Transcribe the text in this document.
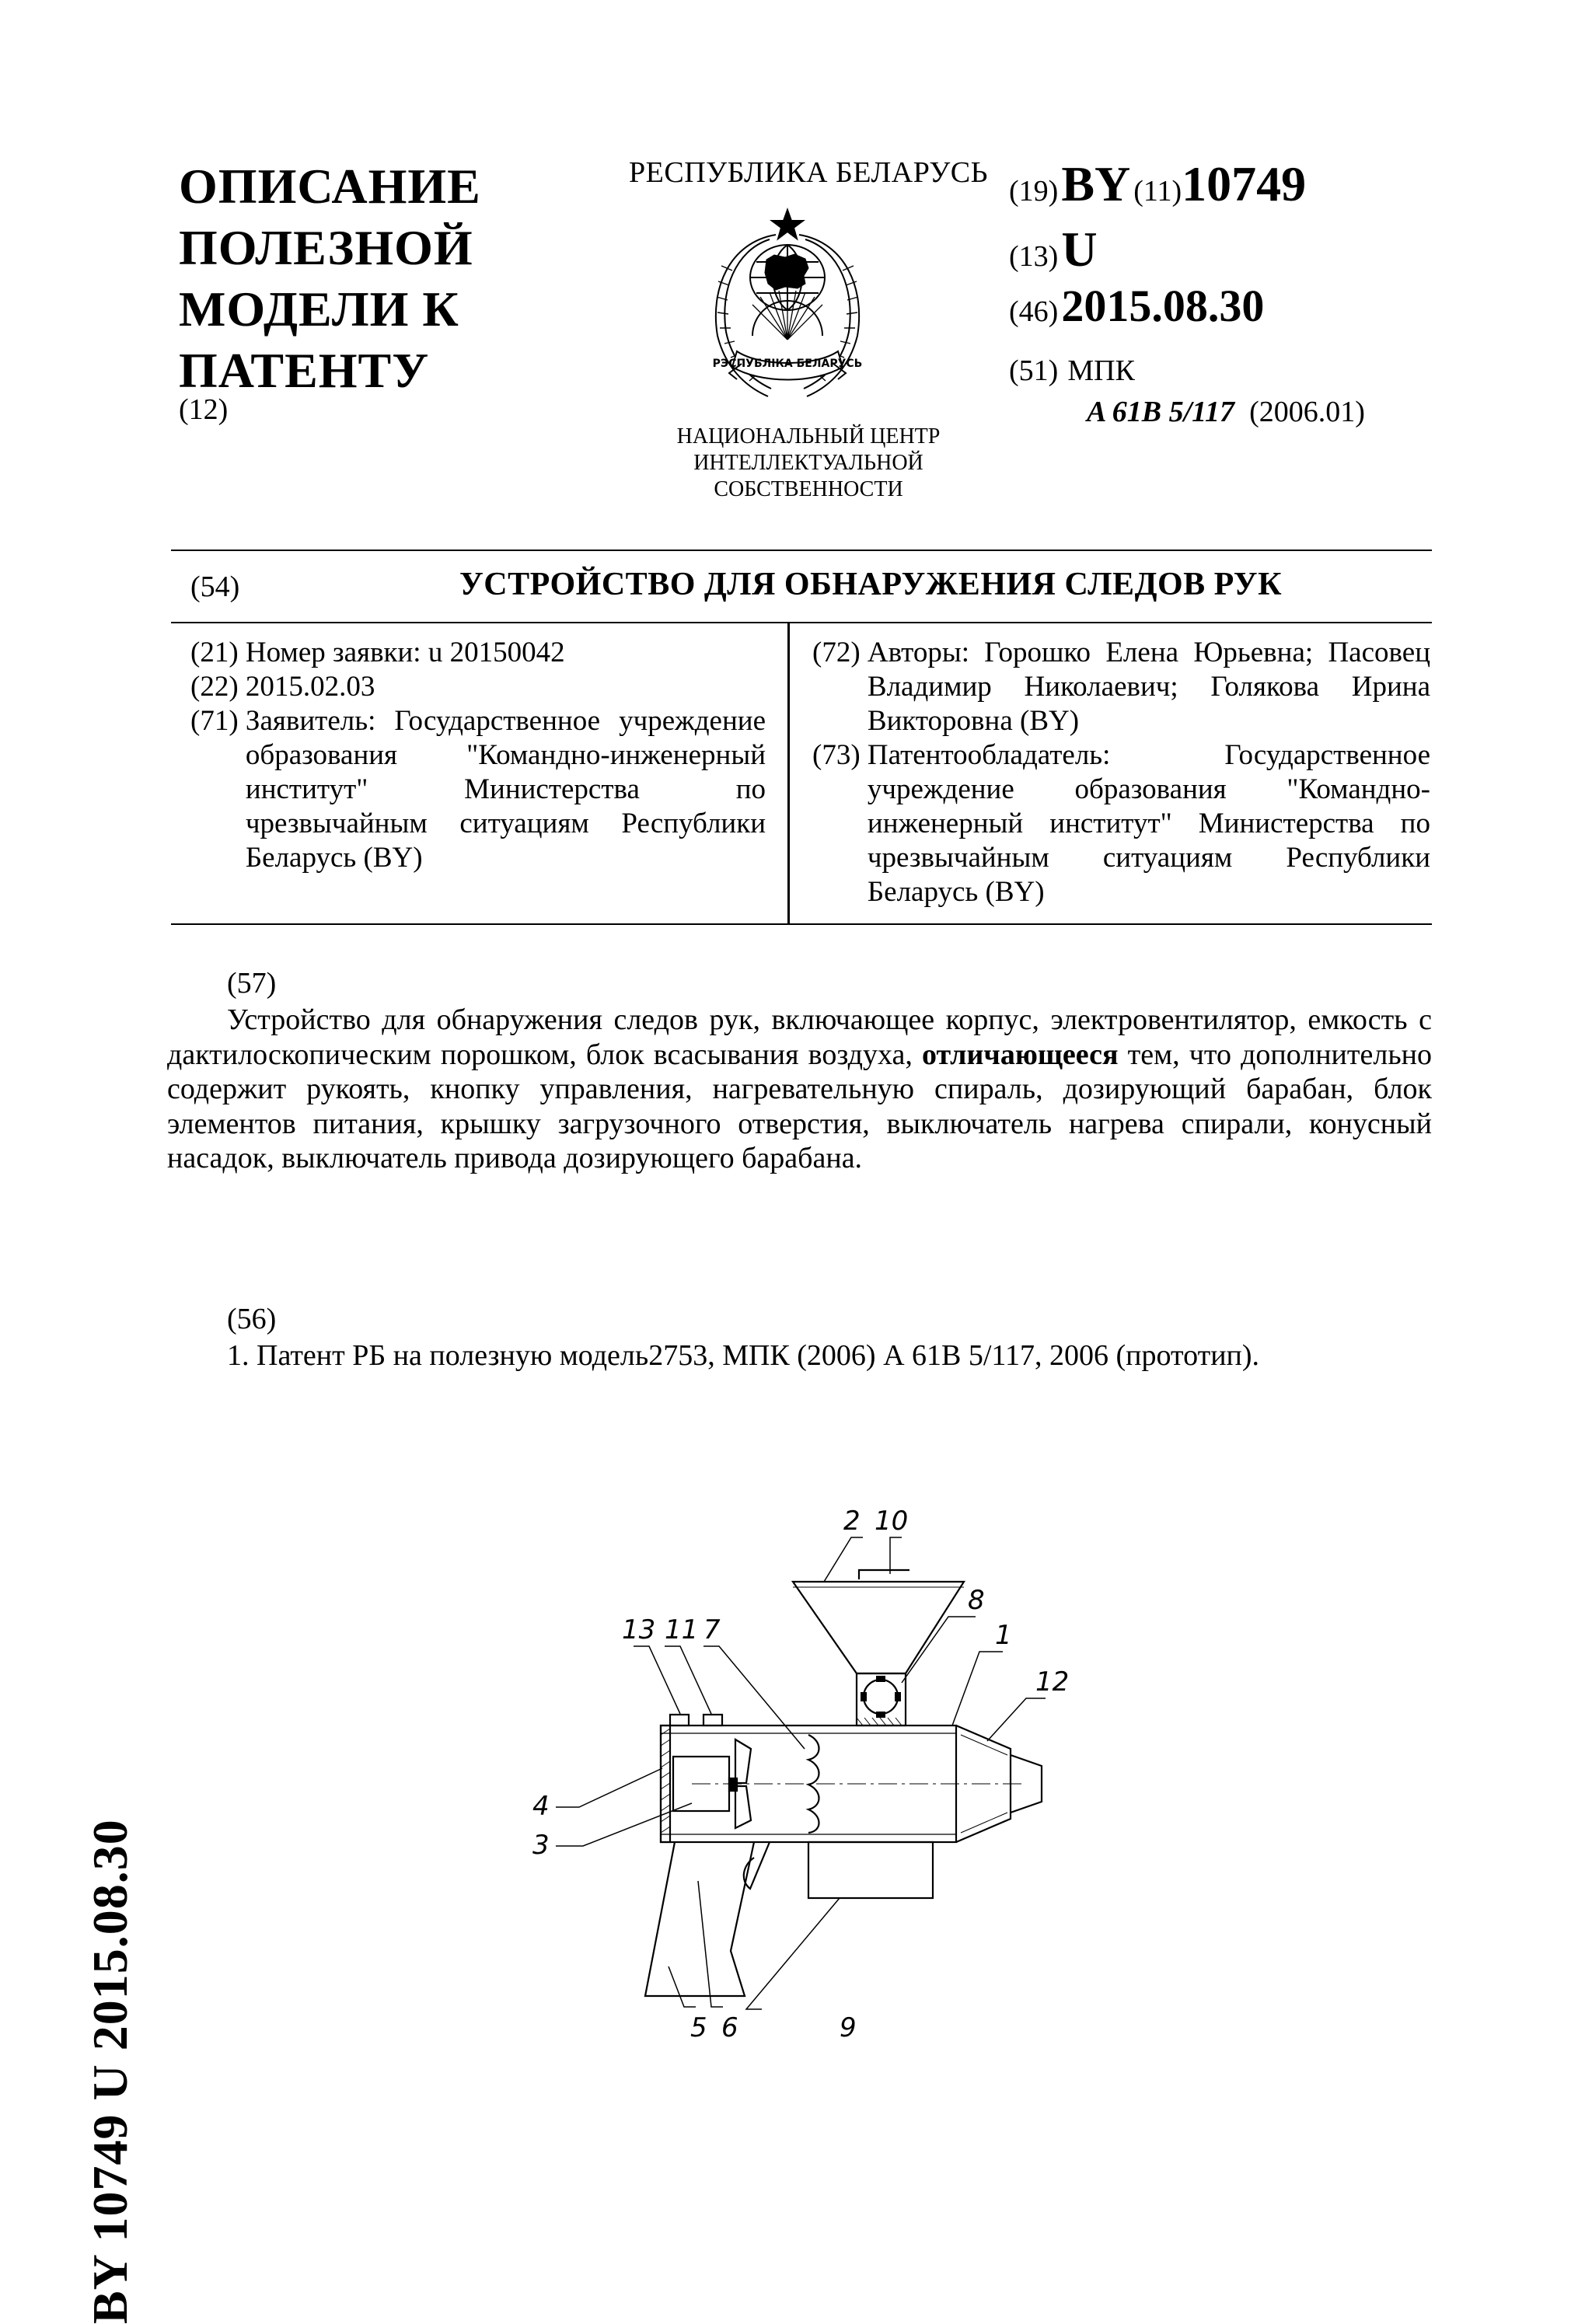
ОПИСАНИЕ
ПОЛЕЗНОЙ
МОДЕЛИ К
ПАТЕНТУ
(12)
РЕСПУБЛИКА БЕЛАРУСЬ
РЭСПУБЛІКА БЕЛАРУСЬ
НАЦИОНАЛЬНЫЙ ЦЕНТР
ИНТЕЛЛЕКТУАЛЬНОЙ
СОБСТВЕННОСТИ
(19) BY (11)10749
(13) U
(46) 2015.08.30
(51) МПК
A 61B 5/117 (2006.01)
(54)	УСТРОЙСТВО ДЛЯ ОБНАРУЖЕНИЯ СЛЕДОВ РУК
(21)
Номер заявки: u 20150042
(22)
2015.02.03
(71)
Заявитель: Государственное учреждение образования "Командно-инженерный институт" Министерства по чрезвычайным ситуациям Республики Беларусь (BY)
(72)
Авторы: Горошко Елена Юрьевна; Пасовец Владимир Николаевич; Голякова Ирина Викторовна (BY)
(73)
Патентообладатель: Государственное учреждение образования "Командно-инженерный институт" Министерства по чрезвычайным ситуациям Республики Беларусь (BY)
(57)
Устройство для обнаружения следов рук, включающее корпус, электровентилятор, емкость с дактилоскопическим порошком, блок всасывания воздуха, отличающееся тем, что дополнительно содержит рукоять, кнопку управления, нагревательную спираль, дозирующий барабан, блок элементов питания, крышку загрузочного отверстия, выключатель нагрева спирали, конусный насадок, выключатель привода дозирующего барабана.
(56)
1. Патент РБ на полезную модель2753, МПК (2006) А 61В 5/117, 2006 (прототип).
BY 10749 U 2015.08.30
2 10
8
1
12
13 11 7
4
3
5 6	9
